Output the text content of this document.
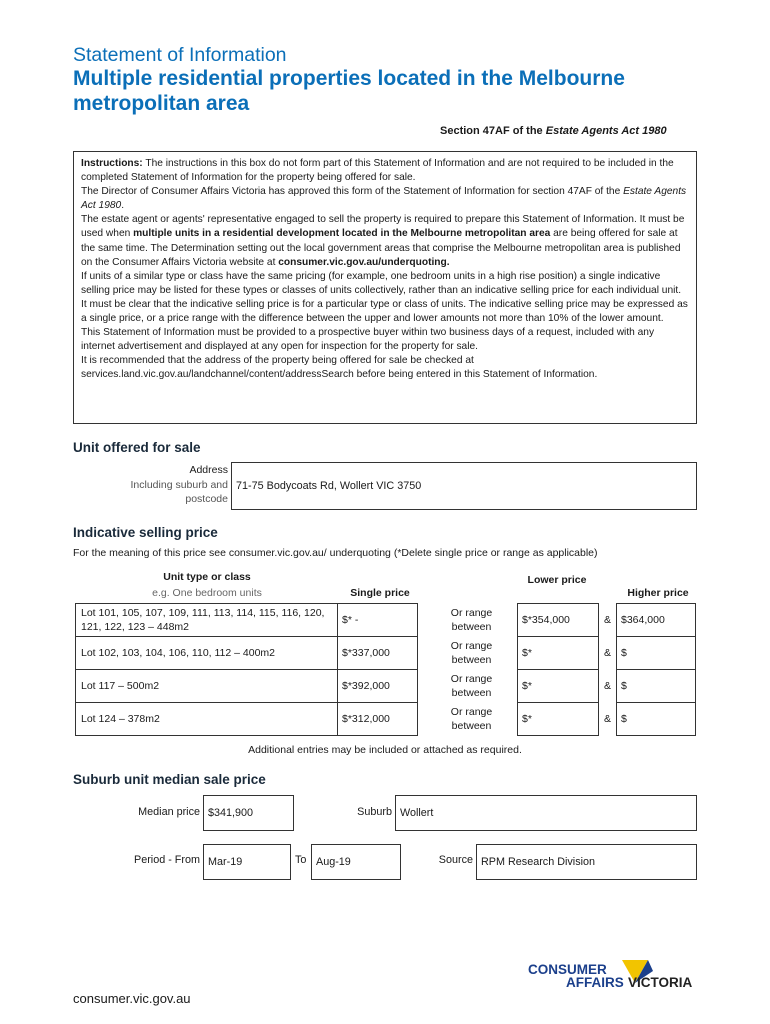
Statement of Information
Multiple residential properties located in the Melbourne metropolitan area
Section 47AF of the Estate Agents Act 1980

Instructions: The instructions in this box do not form part of this Statement of Information and are not required to be included in the completed Statement of Information for the property being offered for sale.

The Director of Consumer Affairs Victoria has approved this form of the Statement of Information for section 47AF of the Estate Agents Act 1980.

The estate agent or agents' representative engaged to sell the property is required to prepare this Statement of Information. It must be used when multiple units in a residential development located in the Melbourne metropolitan area are being offered for sale at the same time. The Determination setting out the local government areas that comprise the Melbourne metropolitan area is published on the Consumer Affairs Victoria website at consumer.vic.gov.au/underquoting.

If units of a similar type or class have the same pricing (for example, one bedroom units in a high rise position) a single indicative selling price may be listed for these types or classes of units collectively, rather than an indicative selling price for each individual unit. It must be clear that the indicative selling price is for a particular type or class of units. The indicative selling price may be expressed as a single price, or a price range with the difference between the upper and lower amounts not more than 10% of the lower amount.

This Statement of Information must be provided to a prospective buyer within two business days of a request, included with any internet advertisement and displayed at any open for inspection for the property for sale.

It is recommended that the address of the property being offered for sale be checked at services.land.vic.gov.au/landchannel/content/addressSearch before being entered in this Statement of Information.

Unit offered for sale
Address
Including suburb and
postcode
71-75 Bodycoats Rd, Wollert VIC 3750
Indicative selling price
For the meaning of this price see consumer.vic.gov.au/ underquoting (*Delete single price or range as applicable)
Unit type or class
e.g. One bedroom units	Single price
Lower price
Higher price
Lot 101, 105, 107, 109, 111, 113, 114, 115, 116, 120, 121, 122, 123 – 448m2	$* -		Or range between		$*354,000	&	$364,000
Lot 102, 103, 104, 106, 110, 112 – 400m2	$*337,000		Or range between		$*	&	$
Lot 117 – 500m2	$*392,000		Or range between		$*	&	$
Lot 124 – 378m2	$*312,000		Or range between		$*	&	$
Additional entries may be included or attached as required.
Suburb unit median sale price
Median price $341,900	Suburb Wollert
Period - From Mar-19	To Aug-19	Source RPM Research Division
CONSUMER
AFFAIRS VICTORIA
consumer.vic.gov.au
